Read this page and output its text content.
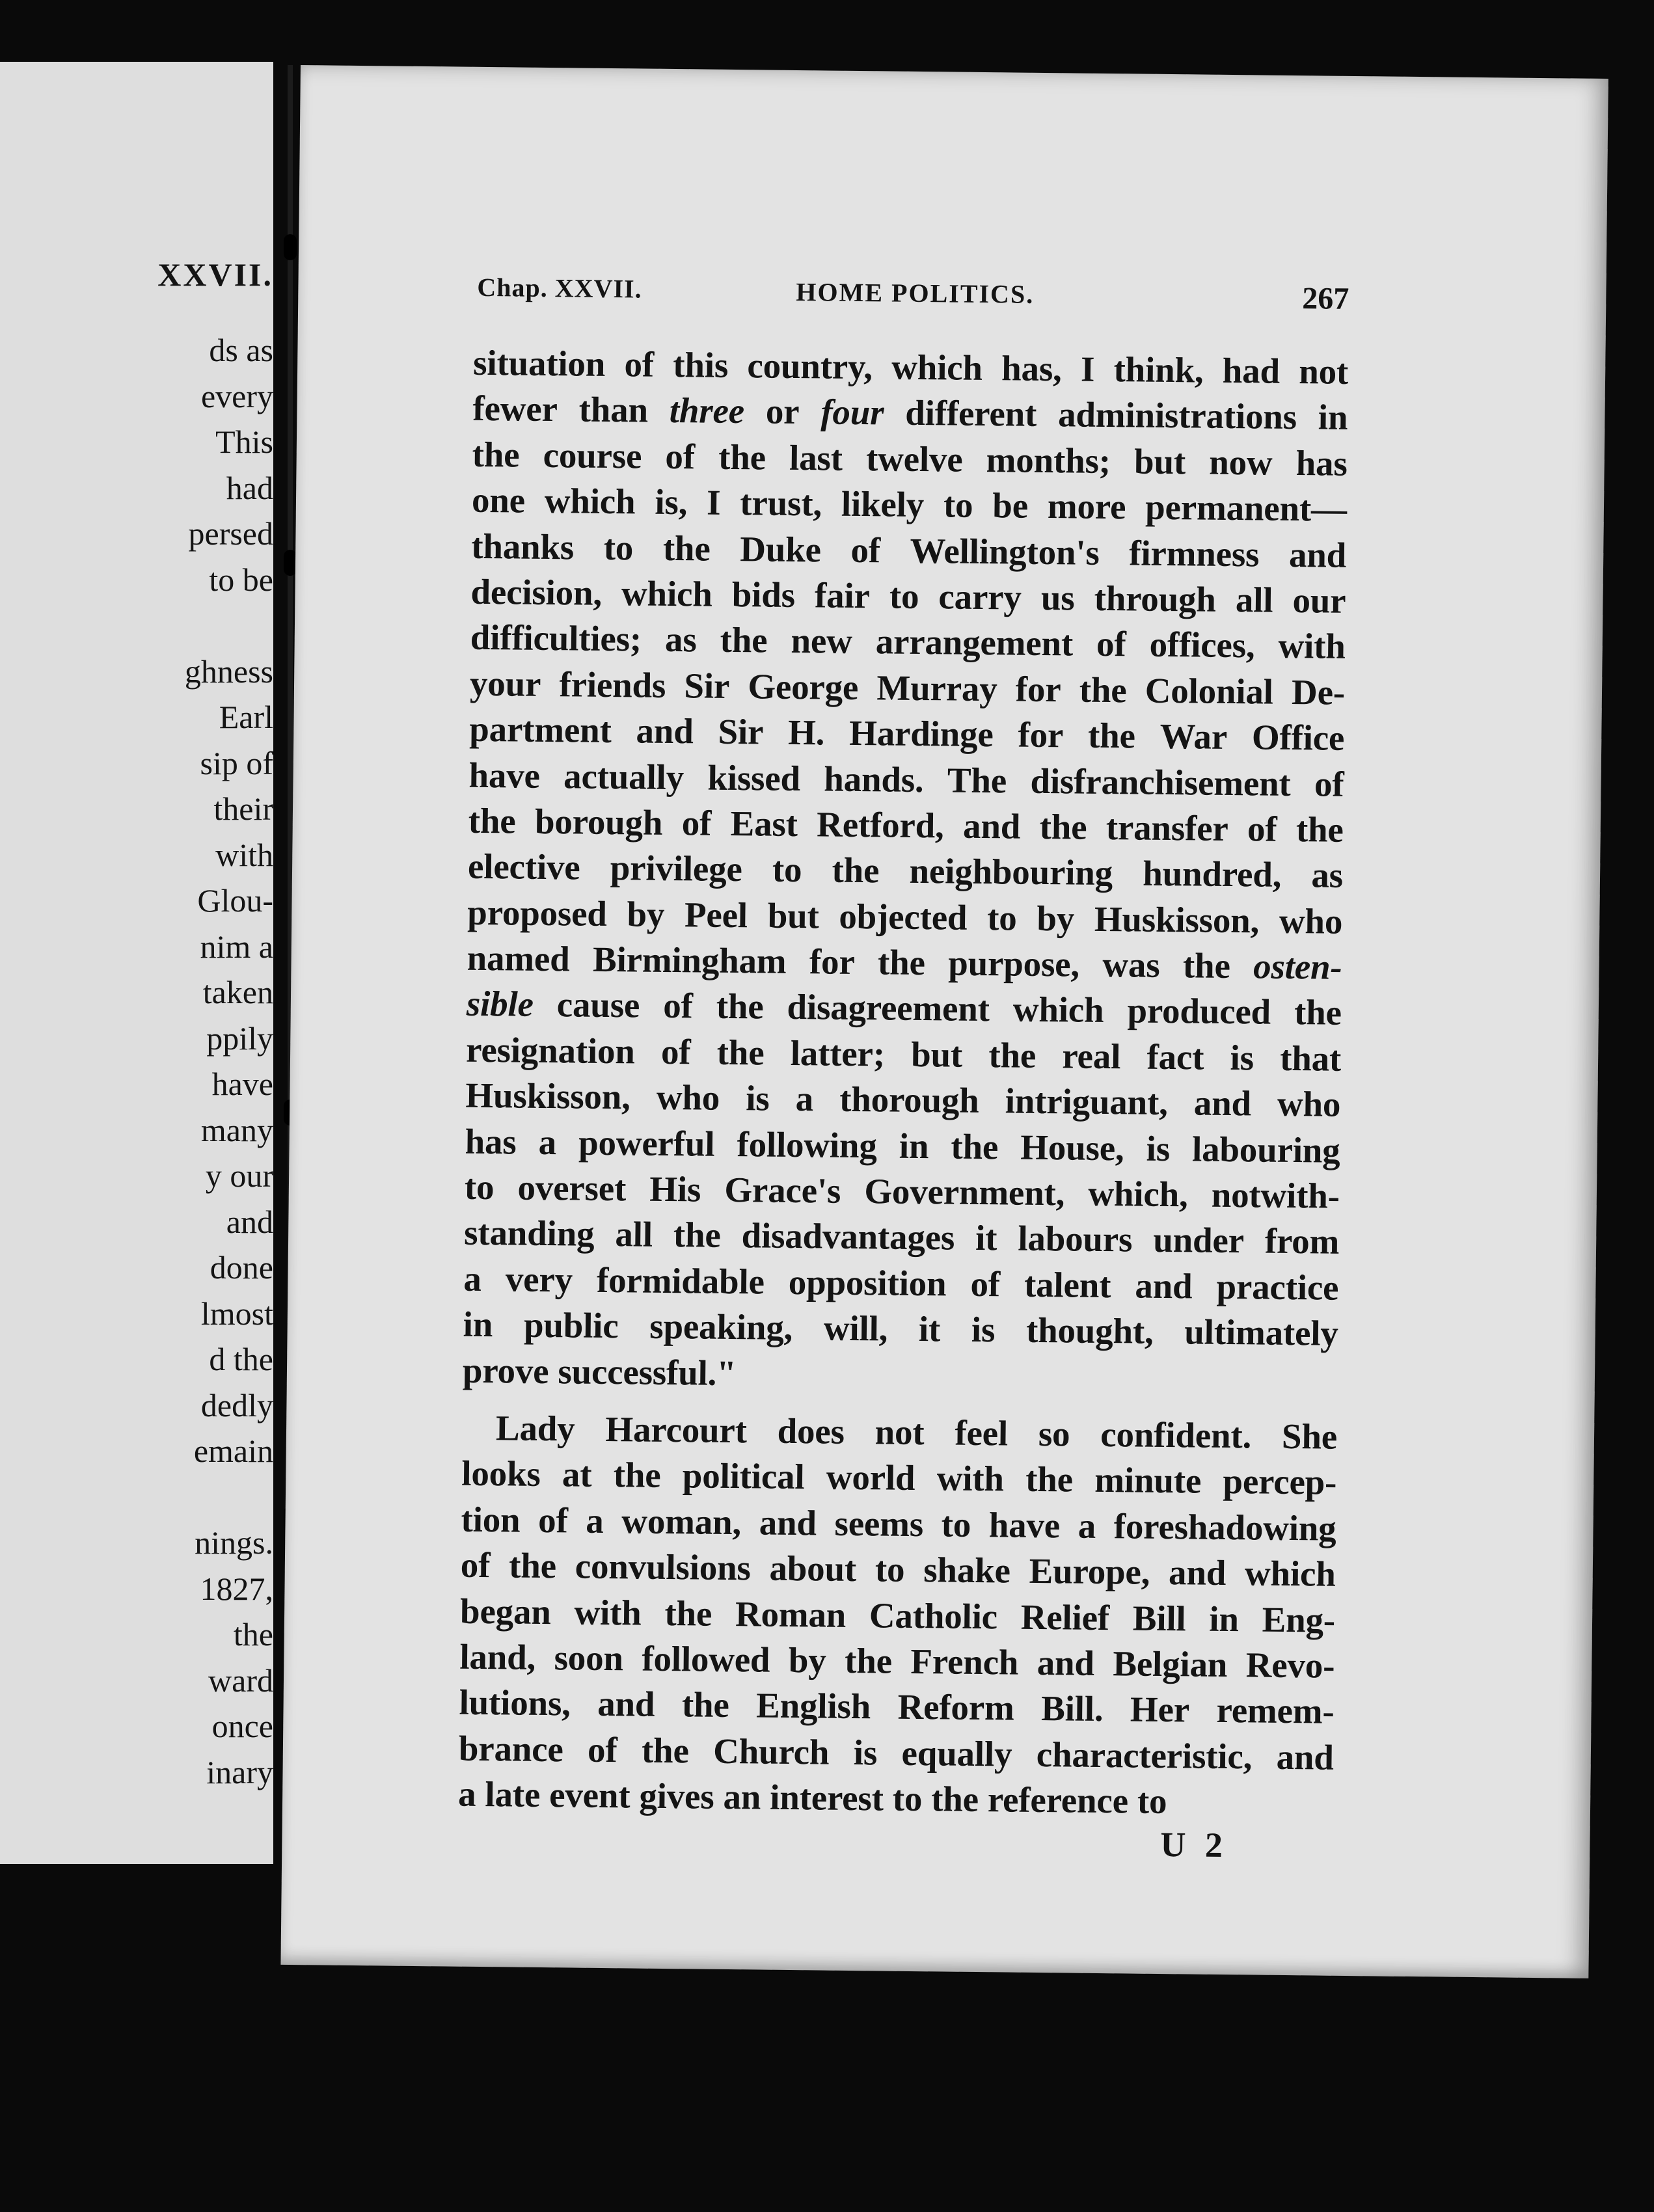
XXVII.
ds as
every
This
had
persed
to be
ghness
Earl
sip of
their
with
Glou-
nim a
taken
ppily
have
many
y our
and
done
lmost
d the
dedly
emain
nings.
1827,
the
ward
once
inary
Chap. XXVII.	HOME POLITICS.	267
situation of this country, which has, I think, had not
fewer than three or four different administrations in
the course of the last twelve months; but now has
one which is, I trust, likely to be more permanent—
thanks to the Duke of Wellington's firmness and
decision, which bids fair to carry us through all our
difficulties; as the new arrangement of offices, with
your friends Sir George Murray for the Colonial De-
partment and Sir H. Hardinge for the War Office
have actually kissed hands. The disfranchisement of
the borough of East Retford, and the transfer of the
elective privilege to the neighbouring hundred, as
proposed by Peel but objected to by Huskisson, who
named Birmingham for the purpose, was the osten-
sible cause of the disagreement which produced the
resignation of the latter; but the real fact is that
Huskisson, who is a thorough intriguant, and who
has a powerful following in the House, is labouring
to overset His Grace's Government, which, notwith-
standing all the disadvantages it labours under from
a very formidable opposition of talent and practice
in public speaking, will, it is thought, ultimately
prove successful."
Lady Harcourt does not feel so confident. She
looks at the political world with the minute percep-
tion of a woman, and seems to have a foreshadowing
of the convulsions about to shake Europe, and which
began with the Roman Catholic Relief Bill in Eng-
land, soon followed by the French and Belgian Revo-
lutions, and the English Reform Bill. Her remem-
brance of the Church is equally characteristic, and
a late event gives an interest to the reference to
U 2
